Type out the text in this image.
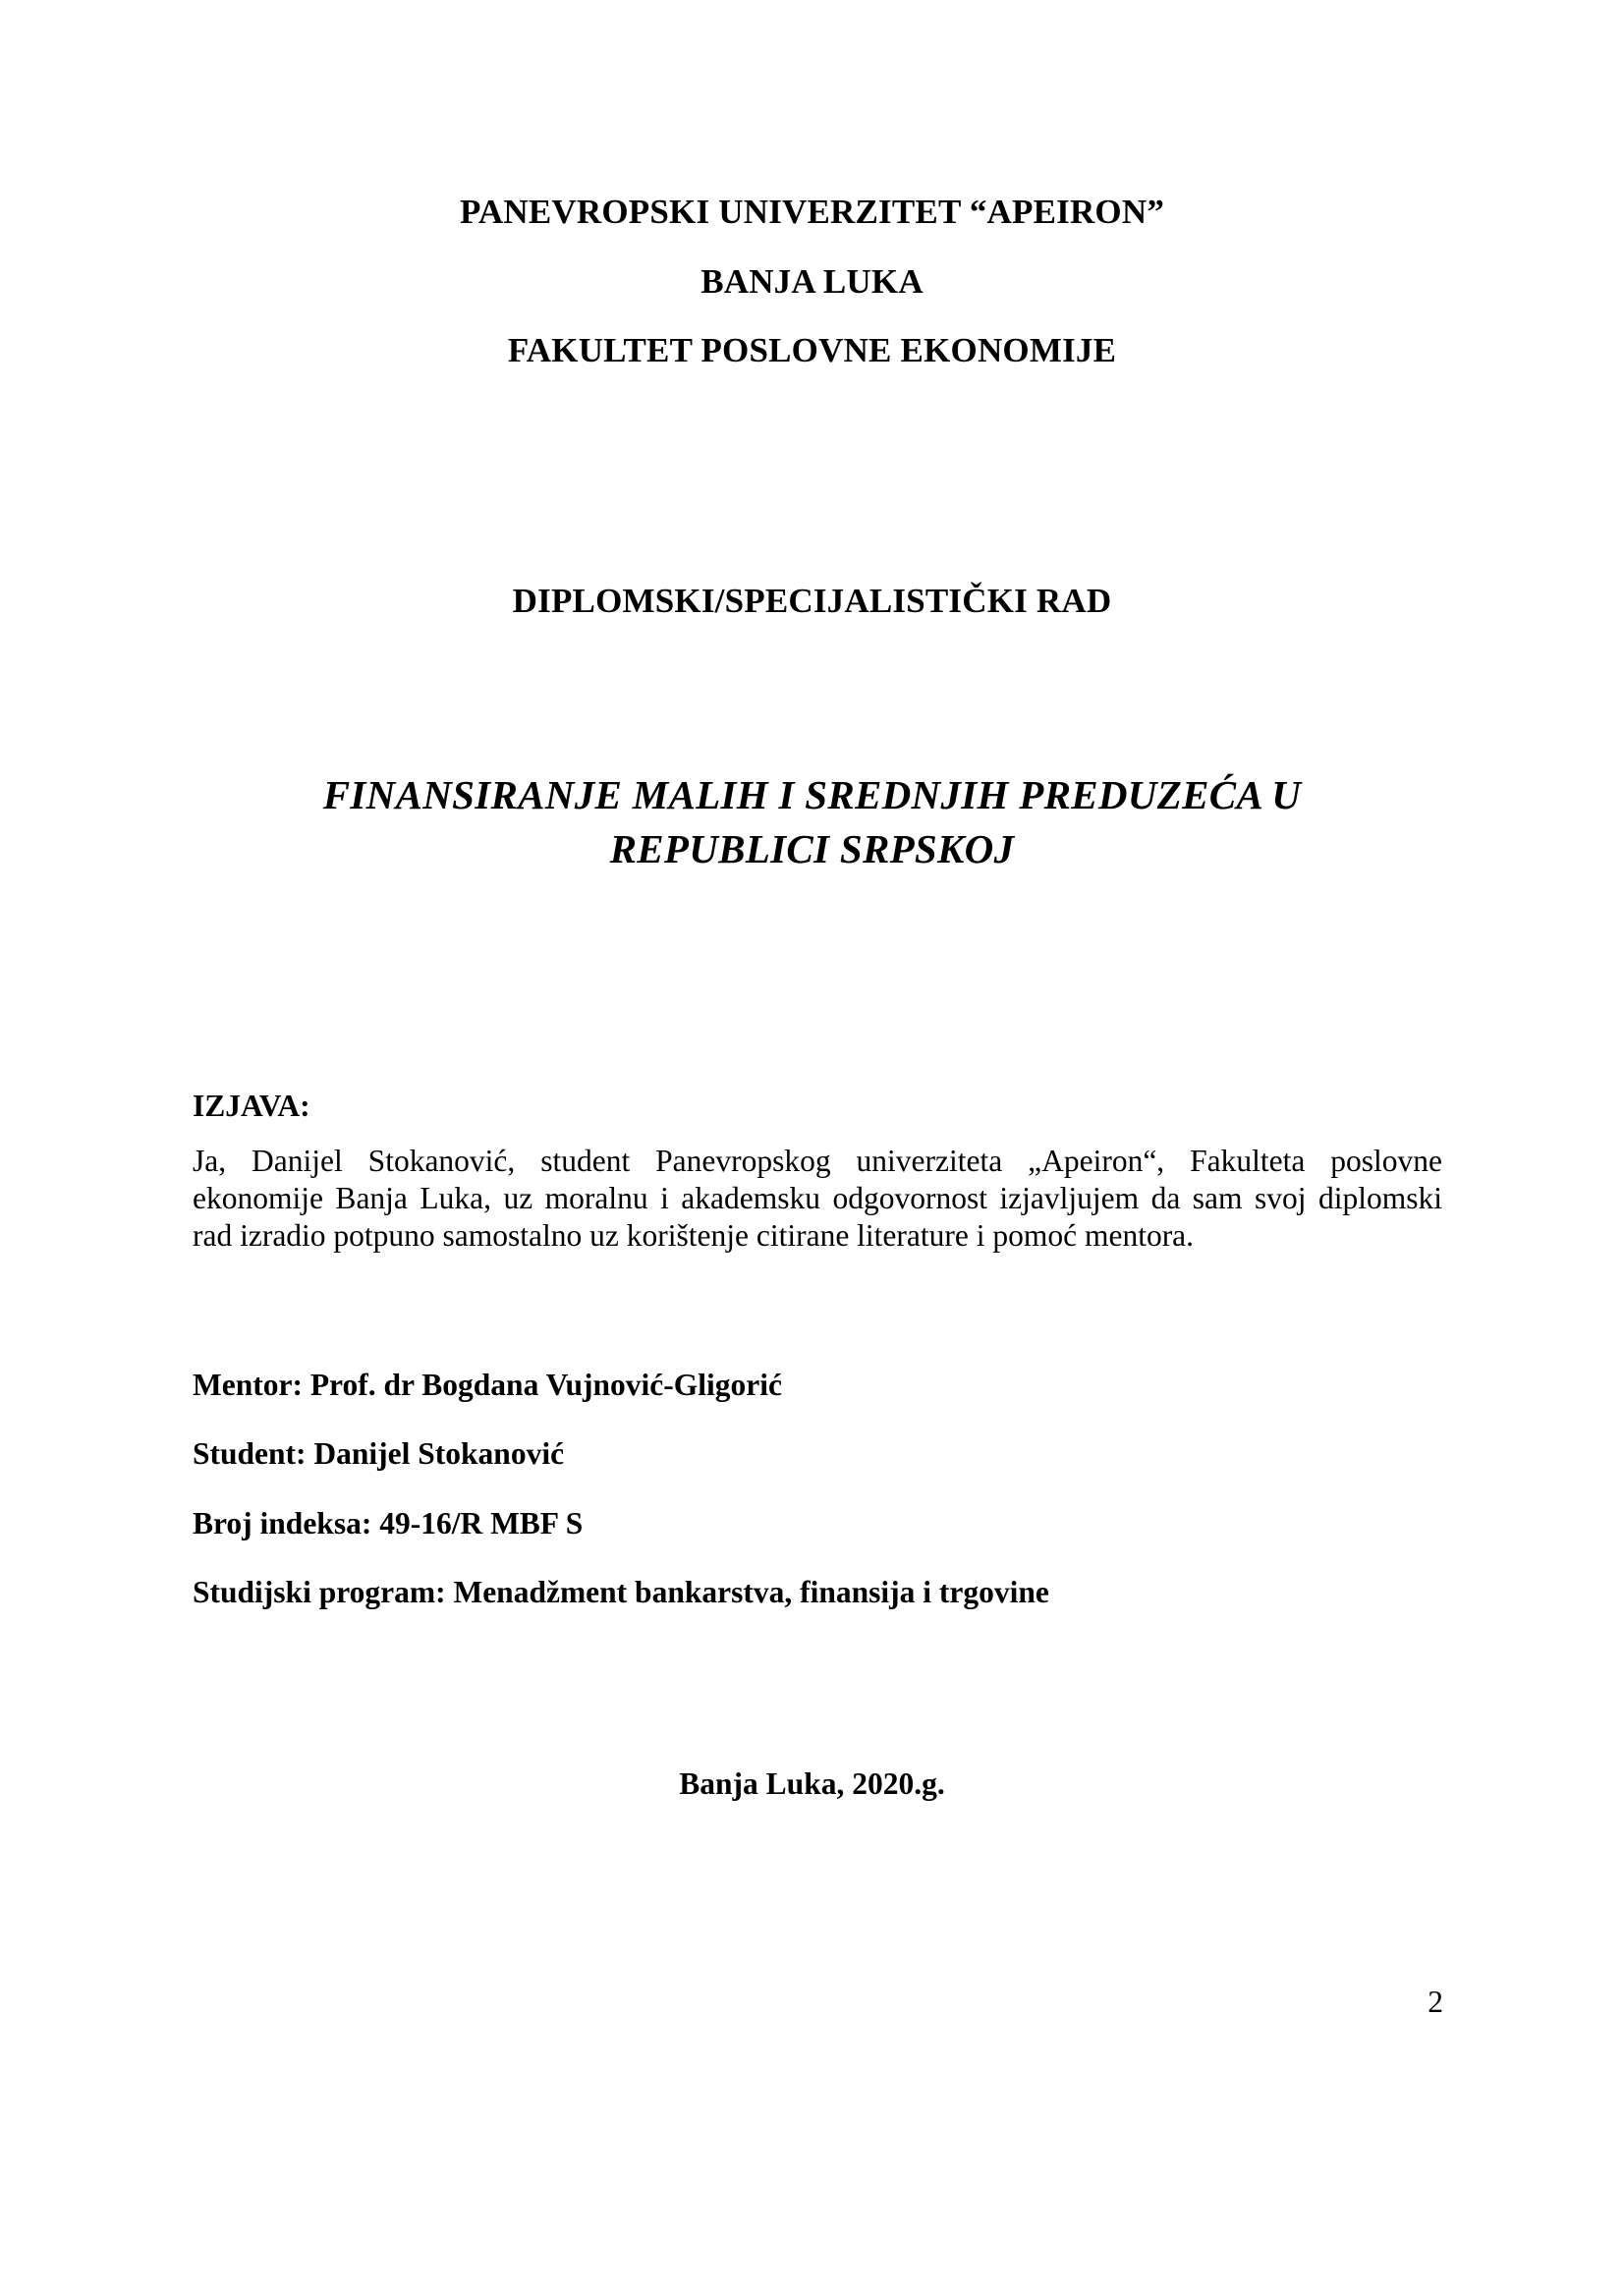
PANEVROPSKI UNIVERZITET “APEIRON”
BANJA LUKA
FAKULTET POSLOVNE EKONOMIJE
DIPLOMSKI/SPECIJALISTIČKI RAD
FINANSIRANJE MALIH I SREDNJIH PREDUZEĆA U
REPUBLICI SRPSKOJ
IZJAVA:
Ja, Danijel Stokanović, student Panevropskog univerziteta „Apeiron“, Fakulteta poslovne
ekonomije Banja Luka, uz moralnu i akademsku odgovornost izjavljujem da sam svoj diplomski
rad izradio potpuno samostalno uz korištenje citirane literature i pomoć mentora.
Mentor: Prof. dr Bogdana Vujnović-Gligorić
Student: Danijel Stokanović
Broj indeksa: 49-16/R MBF S
Studijski program: Menadžment bankarstva, finansija i trgovine
Banja Luka, 2020.g.
2
